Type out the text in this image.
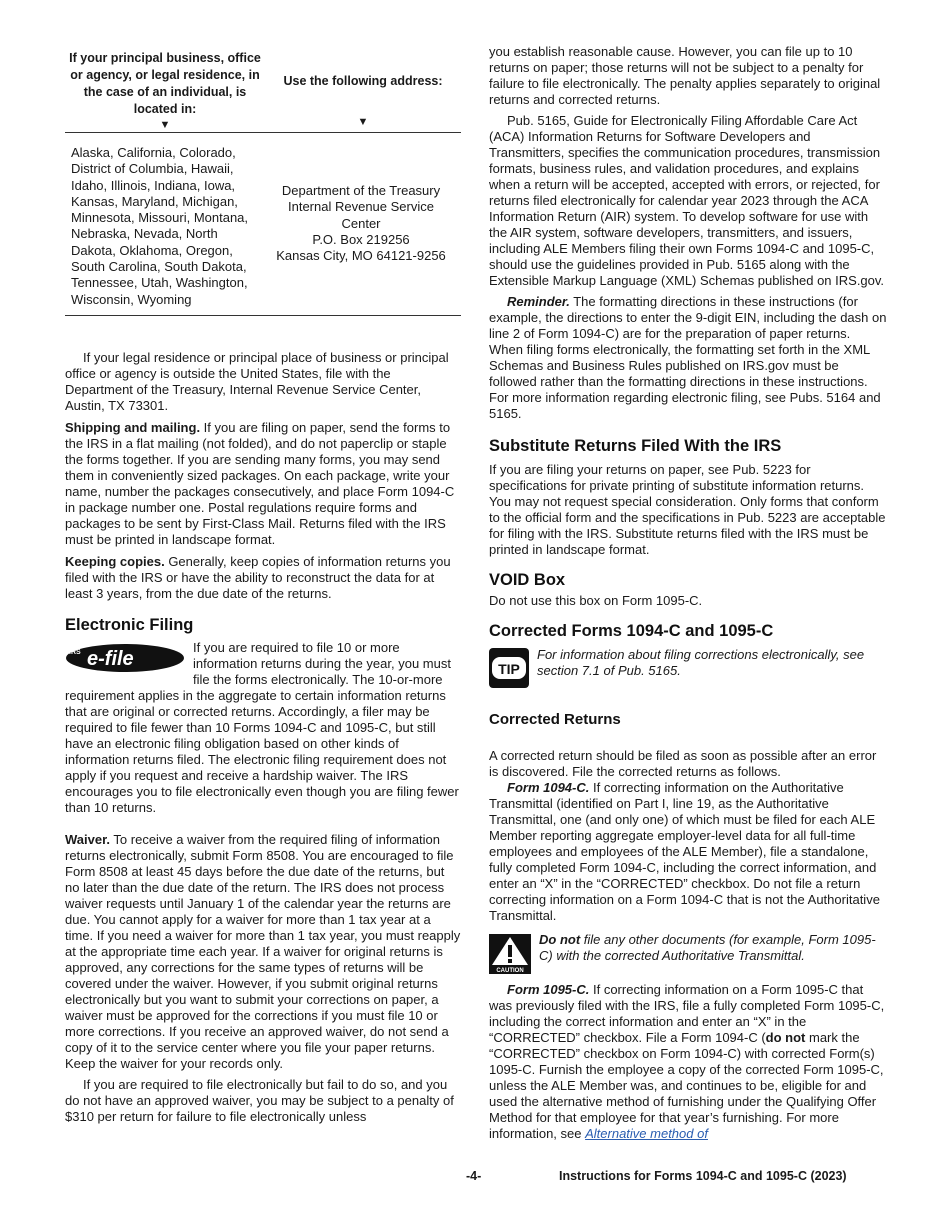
If your principal business, office or agency, or legal residence, in the case of an individual, is located in:
▼
Use the following address:
▼
Alaska, California, Colorado, District of Columbia, Hawaii, Idaho, Illinois, Indiana, Iowa, Kansas, Maryland, Michigan, Minnesota, Missouri, Montana, Nebraska, Nevada, North Dakota, Oklahoma, Oregon, South Carolina, South Dakota, Tennessee, Utah, Washington, Wisconsin, Wyoming
Department of the Treasury
Internal Revenue Service Center
P.O. Box 219256
Kansas City, MO 64121-9256

If your legal residence or principal place of business or principal office or agency is outside the United States, file with the Department of the Treasury, Internal Revenue Service Center, Austin, TX 73301.

Shipping and mailing. If you are filing on paper, send the forms to the IRS in a flat mailing (not folded), and do not paperclip or staple the forms together. If you are sending many forms, you may send them in conveniently sized packages. On each package, write your name, number the packages consecutively, and place Form 1094-C in package number one. Postal regulations require forms and packages to be sent by First-Class Mail. Returns filed with the IRS must be printed in landscape format.

Keeping copies. Generally, keep copies of information returns you filed with the IRS or have the ability to reconstruct the data for at least 3 years, from the due date of the returns.

Electronic Filing
IRS e-file

If you are required to file 10 or more information returns during the year, you must file the forms electronically. The 10-or-more requirement applies in the aggregate to certain information returns that are original or corrected returns. Accordingly, a filer may be required to file fewer than 10 Forms 1094-C and 1095-C, but still have an electronic filing obligation based on other kinds of information returns filed. The electronic filing requirement does not apply if you request and receive a hardship waiver. The IRS encourages you to file electronically even though you are filing fewer than 10 returns.

Waiver. To receive a waiver from the required filing of information returns electronically, submit Form 8508. You are encouraged to file Form 8508 at least 45 days before the due date of the returns, but no later than the due date of the return. The IRS does not process waiver requests until January 1 of the calendar year the returns are due. You cannot apply for a waiver for more than 1 tax year at a time. If you need a waiver for more than 1 tax year, you must reapply at the appropriate time each year. If a waiver for original returns is approved, any corrections for the same types of returns will be covered under the waiver. However, if you submit original returns electronically but you want to submit your corrections on paper, a waiver must be approved for the corrections if you must file 10 or more corrections. If you receive an approved waiver, do not send a copy of it to the service center where you file your paper returns. Keep the waiver for your records only.

If you are required to file electronically but fail to do so, and you do not have an approved waiver, you may be subject to a penalty of $310 per return for failure to file electronically unless

you establish reasonable cause. However, you can file up to 10 returns on paper; those returns will not be subject to a penalty for failure to file electronically. The penalty applies separately to original returns and corrected returns.

Pub. 5165, Guide for Electronically Filing Affordable Care Act (ACA) Information Returns for Software Developers and Transmitters, specifies the communication procedures, transmission formats, business rules, and validation procedures, and explains when a return will be accepted, accepted with errors, or rejected, for returns filed electronically for calendar year 2023 through the ACA Information Return (AIR) system. To develop software for use with the AIR system, software developers, transmitters, and issuers, including ALE Members filing their own Forms 1094-C and 1095-C, should use the guidelines provided in Pub. 5165 along with the Extensible Markup Language (XML) Schemas published on IRS.gov.

Reminder. The formatting directions in these instructions (for example, the directions to enter the 9-digit EIN, including the dash on line 2 of Form 1094-C) are for the preparation of paper returns. When filing forms electronically, the formatting set forth in the XML Schemas and Business Rules published on IRS.gov must be followed rather than the formatting directions in these instructions. For more information regarding electronic filing, see Pubs. 5164 and 5165.

Substitute Returns Filed With the IRS

If you are filing your returns on paper, see Pub. 5223 for specifications for private printing of substitute information returns. You may not request special consideration. Only forms that conform to the official form and the specifications in Pub. 5223 are acceptable for filing with the IRS. Substitute returns filed with the IRS must be printed in landscape format.

VOID Box

Do not use this box on Form 1095-C.

Corrected Forms 1094-C and 1095-C
TIP

For information about filing corrections electronically, see section 7.1 of Pub. 5165.

Corrected Returns

A corrected return should be filed as soon as possible after an error is discovered. File the corrected returns as follows.

Form 1094-C. If correcting information on the Authoritative Transmittal (identified on Part I, line 19, as the Authoritative Transmittal, one (and only one) of which must be filed for each ALE Member reporting aggregate employer-level data for all full-time employees and employees of the ALE Member), file a standalone, fully completed Form 1094-C, including the correct information, and enter an “X” in the “CORRECTED” checkbox. Do not file a return correcting information on a Form 1094-C that is not the Authoritative Transmittal.

CAUTION

Do not file any other documents (for example, Form 1095-C) with the corrected Authoritative Transmittal.

Form 1095-C. If correcting information on a Form 1095-C that was previously filed with the IRS, file a fully completed Form 1095-C, including the correct information and enter an “X” in the “CORRECTED” checkbox. File a Form 1094-C (do not mark the “CORRECTED” checkbox on Form 1094-C) with corrected Form(s) 1095-C. Furnish the employee a copy of the corrected Form 1095-C, unless the ALE Member was, and continues to be, eligible for and used the alternative method of furnishing under the Qualifying Offer Method for that employee for that year’s furnishing. For more information, see Alternative method of

-4-	Instructions for Forms 1094-C and 1095-C (2023)
